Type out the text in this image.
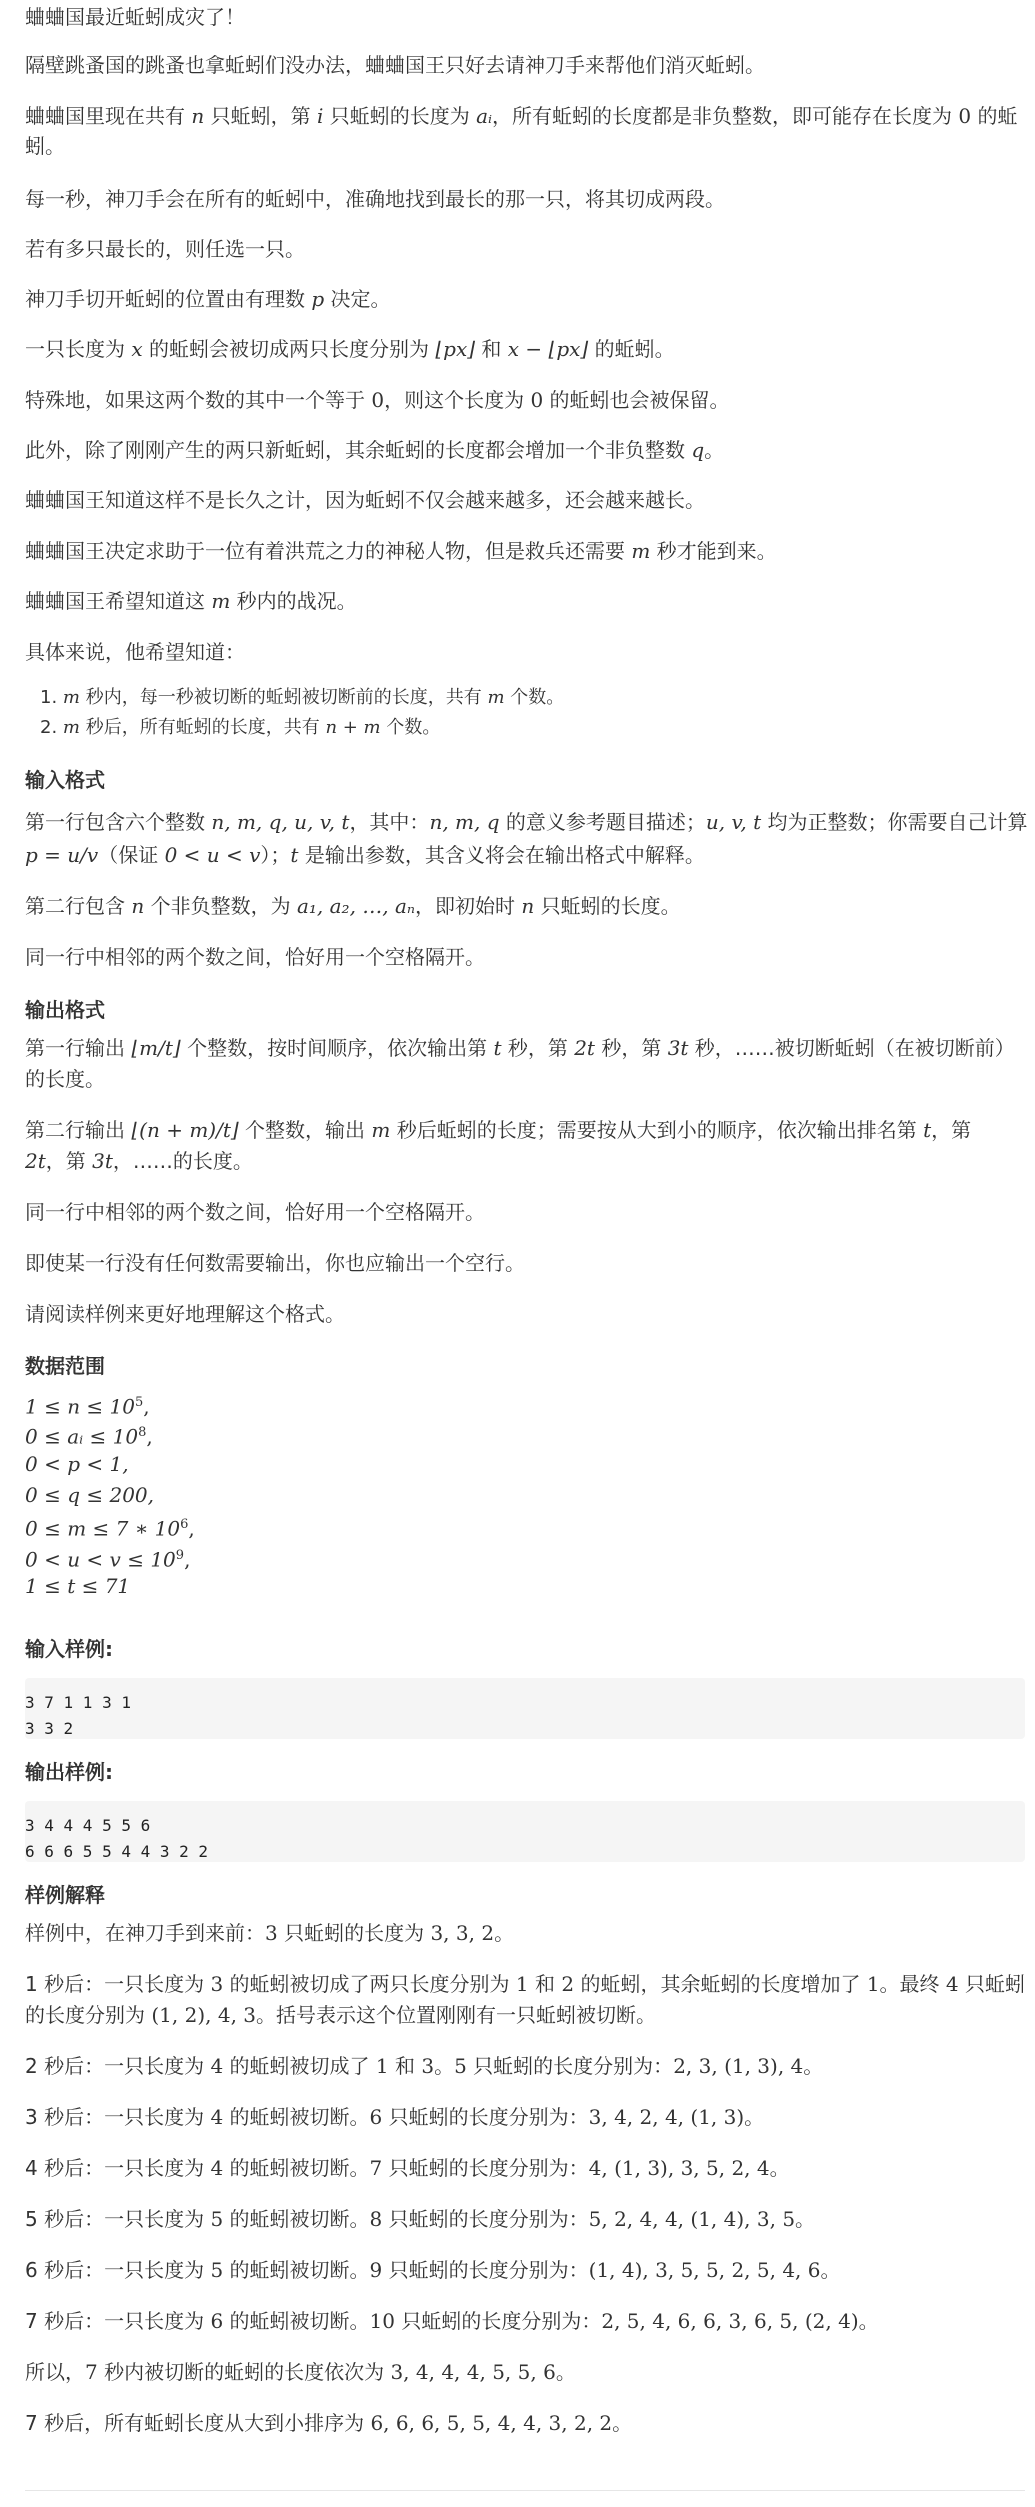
蛐蛐国最近蚯蚓成灾了！
隔壁跳蚤国的跳蚤也拿蚯蚓们没办法，蛐蛐国王只好去请神刀手来帮他们消灭蚯蚓。
蛐蛐国里现在共有 n 只蚯蚓，第 i 只蚯蚓的长度为 aᵢ，所有蚯蚓的长度都是非负整数，即可能存在长度为 0 的蚯
蚓。
每一秒，神刀手会在所有的蚯蚓中，准确地找到最长的那一只，将其切成两段。
若有多只最长的，则任选一只。
神刀手切开蚯蚓的位置由有理数 p 决定。
一只长度为 x 的蚯蚓会被切成两只长度分别为 ⌊px⌋ 和 x − ⌊px⌋ 的蚯蚓。
特殊地，如果这两个数的其中一个等于 0，则这个长度为 0 的蚯蚓也会被保留。
此外，除了刚刚产生的两只新蚯蚓，其余蚯蚓的长度都会增加一个非负整数 q。
蛐蛐国王知道这样不是长久之计，因为蚯蚓不仅会越来越多，还会越来越长。
蛐蛐国王决定求助于一位有着洪荒之力的神秘人物，但是救兵还需要 m 秒才能到来。
蛐蛐国王希望知道这 m 秒内的战况。
具体来说，他希望知道：
1. m 秒内，每一秒被切断的蚯蚓被切断前的长度，共有 m 个数。
2. m 秒后，所有蚯蚓的长度，共有 n + m 个数。
输入格式
第一行包含六个整数 n, m, q, u, v, t，其中：n, m, q 的意义参考题目描述；u, v, t 均为正整数；你需要自己计算
p = u/v（保证 0 < u < v）；t 是输出参数，其含义将会在输出格式中解释。
第二行包含 n 个非负整数，为 a₁, a₂, …, aₙ，即初始时 n 只蚯蚓的长度。
同一行中相邻的两个数之间，恰好用一个空格隔开。
输出格式
第一行输出 ⌊m/t⌋ 个整数，按时间顺序，依次输出第 t 秒，第 2t 秒，第 3t 秒，……被切断蚯蚓（在被切断前）
的长度。
第二行输出 ⌊(n + m)/t⌋ 个整数，输出 m 秒后蚯蚓的长度；需要按从大到小的顺序，依次输出排名第 t，第
2t，第 3t，……的长度。
同一行中相邻的两个数之间，恰好用一个空格隔开。
即使某一行没有任何数需要输出，你也应输出一个空行。
请阅读样例来更好地理解这个格式。
数据范围
$1 \le n \le 10^5$,
0 ≤ aᵢ ≤ $10^8$,
0 < p < 1,
0 ≤ q ≤ 200,
0 ≤ m ≤ 7 ∗ $10^6$,
$0 < u < v \le 10^9$,
1 ≤ t ≤ 71
输入样例:
3 7 1 1 3 1
3 3 2
输出样例:
3 4 4 4 5 5 6
6 6 6 5 5 4 4 3 2 2
样例解释
样例中，在神刀手到来前：3 只蚯蚓的长度为 3, 3, 2。
1 秒后：一只长度为 3 的蚯蚓被切成了两只长度分别为 1 和 2 的蚯蚓，其余蚯蚓的长度增加了 1。最终 4 只蚯蚓
的长度分别为 (1, 2), 4, 3。括号表示这个位置刚刚有一只蚯蚓被切断。
2 秒后：一只长度为 4 的蚯蚓被切成了 1 和 3。5 只蚯蚓的长度分别为：2, 3, (1, 3), 4。
3 秒后：一只长度为 4 的蚯蚓被切断。6 只蚯蚓的长度分别为：3, 4, 2, 4, (1, 3)。
4 秒后：一只长度为 4 的蚯蚓被切断。7 只蚯蚓的长度分别为：4, (1, 3), 3, 5, 2, 4。
5 秒后：一只长度为 5 的蚯蚓被切断。8 只蚯蚓的长度分别为：5, 2, 4, 4, (1, 4), 3, 5。
6 秒后：一只长度为 5 的蚯蚓被切断。9 只蚯蚓的长度分别为：(1, 4), 3, 5, 5, 2, 5, 4, 6。
7 秒后：一只长度为 6 的蚯蚓被切断。10 只蚯蚓的长度分别为：2, 5, 4, 6, 6, 3, 6, 5, (2, 4)。
所以，7 秒内被切断的蚯蚓的长度依次为 3, 4, 4, 4, 5, 5, 6。
7 秒后，所有蚯蚓长度从大到小排序为 6, 6, 6, 5, 5, 4, 4, 3, 2, 2。
